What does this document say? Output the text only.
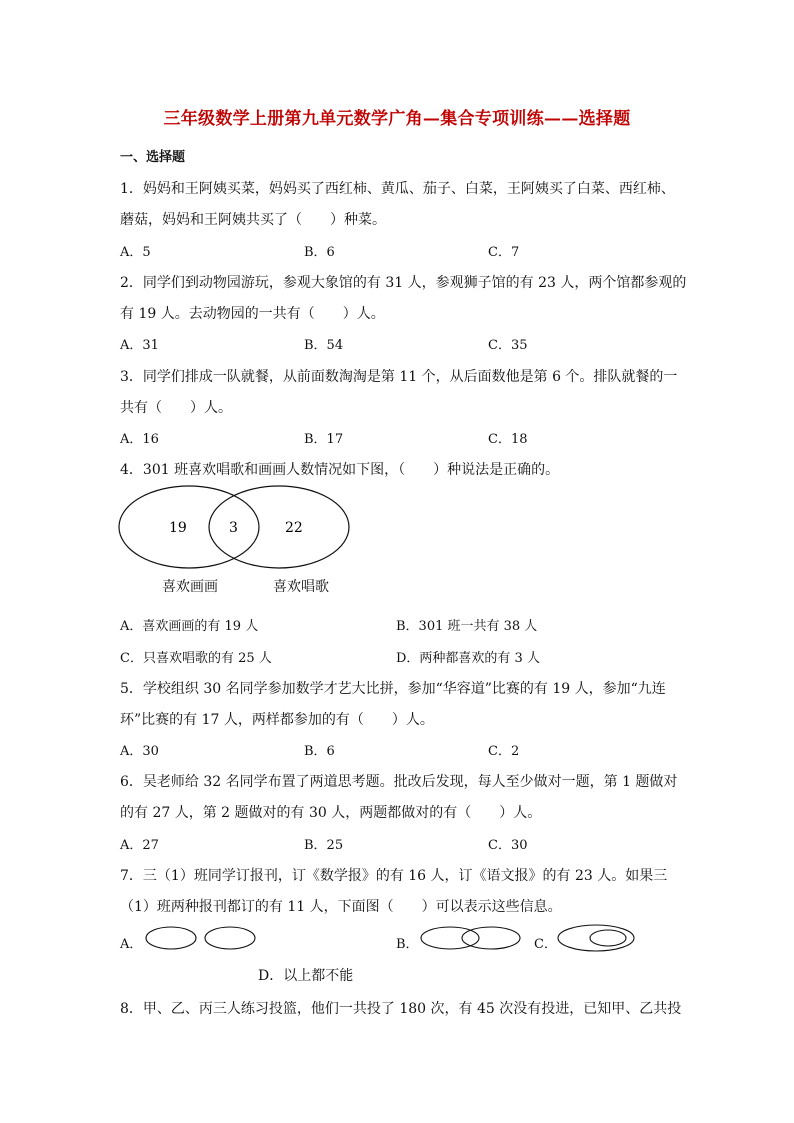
三年级数学上册第九单元数学广角—集合专项训练——选择题
一、选择题
1．妈妈和王阿姨买菜，妈妈买了西红柿、黄瓜、茄子、白菜，王阿姨买了白菜、西红柿、
蘑菇，妈妈和王阿姨共买了（　　）种菜。
A．5	B．6	C．7
2．同学们到动物园游玩，参观大象馆的有 31 人，参观狮子馆的有 23 人，两个馆都参观的
有 19 人。去动物园的一共有（　　）人。
A．31	B．54	C．35
3．同学们排成一队就餐，从前面数淘淘是第 11 个，从后面数他是第 6 个。排队就餐的一
共有（　　）人。
A．16	B．17	C．18
4．301 班喜欢唱歌和画画人数情况如下图，（　　）种说法是正确的。
19	3	22
喜欢画画	喜欢唱歌
A．喜欢画画的有 19 人	B．301 班一共有 38 人
C．只喜欢唱歌的有 25 人	D．两种都喜欢的有 3 人
5．学校组织 30 名同学参加数学才艺大比拼，参加“华容道”比赛的有 19 人，参加“九连
环”比赛的有 17 人，两样都参加的有（　　）人。
A．30	B．6	C．2
6．吴老师给 32 名同学布置了两道思考题。批改后发现，每人至少做对一题，第 1 题做对
的有 27 人，第 2 题做对的有 30 人，两题都做对的有（　　）人。
A．27	B．25	C．30
7．三（1）班同学订报刊，订《数学报》的有 16 人，订《语文报》的有 23 人。如果三
（1）班两种报刊都订的有 11 人，下面图（　　）可以表示这些信息。
A．	B．	C．
D．以上都不能
8．甲、乙、丙三人练习投篮，他们一共投了 180 次，有 45 次没有投进，已知甲、乙共投
